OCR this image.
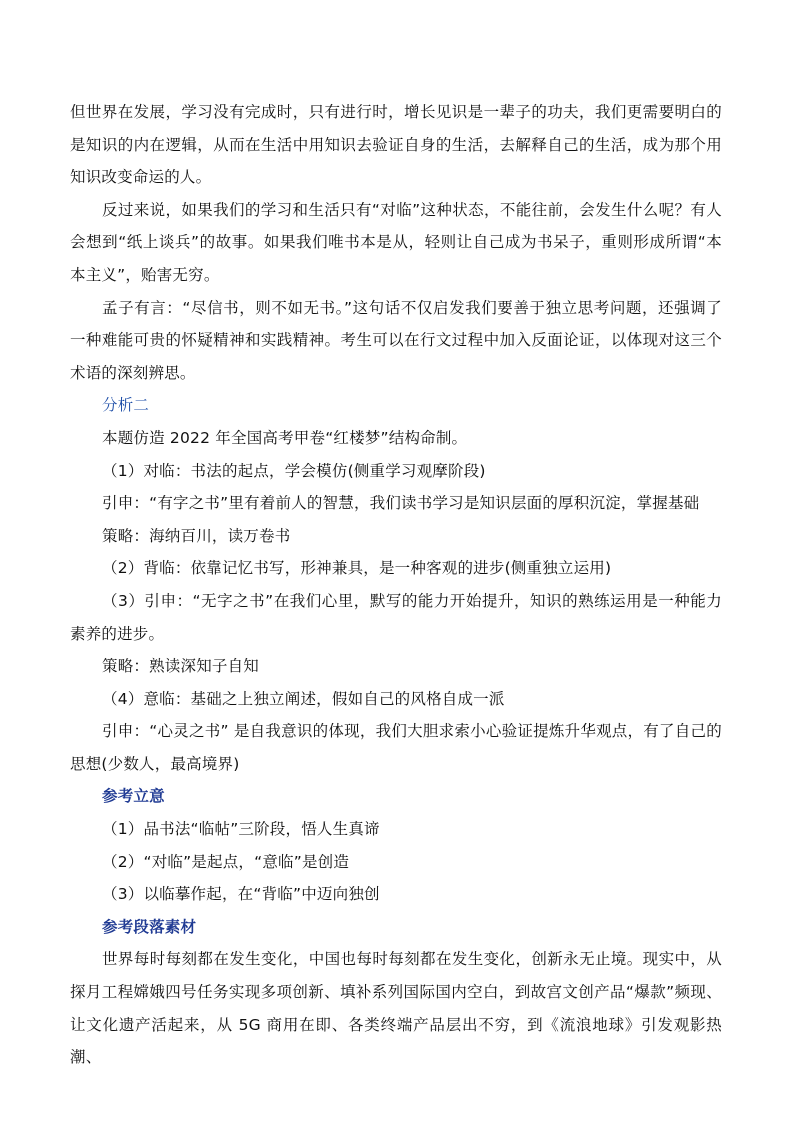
但世界在发展，学习没有完成时，只有进行时，增长见识是一辈子的功夫，我们更需要明白的是知识的内在逻辑，从而在生活中用知识去验证自身的生活，去解释自己的生活，成为那个用知识改变命运的人。

反过来说，如果我们的学习和生活只有“对临”这种状态，不能往前，会发生什么呢？有人会想到“纸上谈兵”的故事。如果我们唯书本是从，轻则让自己成为书呆子，重则形成所谓“本本主义”，贻害无穷。

孟子有言：“尽信书，则不如无书。”这句话不仅启发我们要善于独立思考问题，还强调了一种难能可贵的怀疑精神和实践精神。考生可以在行文过程中加入反面论证，以体现对这三个术语的深刻辨思。

分析二

本题仿造 2022 年全国高考甲卷“红楼梦”结构命制。

（1）对临：书法的起点，学会模仿(侧重学习观摩阶段)

引申：“有字之书”里有着前人的智慧，我们读书学习是知识层面的厚积沉淀，掌握基础

策略：海纳百川，读万卷书

（2）背临：依靠记忆书写，形神兼具，是一种客观的进步(侧重独立运用)

（3）引申：“无字之书”在我们心里，默写的能力开始提升，知识的熟练运用是一种能力素养的进步。

策略：熟读深知子自知

（4）意临：基础之上独立阐述，假如自己的风格自成一派

引申：“心灵之书” 是自我意识的体现，我们大胆求索小心验证提炼升华观点，有了自己的思想(少数人，最高境界)

参考立意

（1）品书法“临帖”三阶段，悟人生真谛

（2）“对临”是起点，“意临”是创造

（3）以临摹作起，在“背临”中迈向独创

参考段落素材

世界每时每刻都在发生变化，中国也每时每刻都在发生变化，创新永无止境。现实中，从探月工程嫦娥四号任务实现多项创新、填补系列国际国内空白，到故宫文创产品“爆款”频现、让文化遗产活起来，从 5G 商用在即、各类终端产品层出不穷，到《流浪地球》引发观影热潮、
